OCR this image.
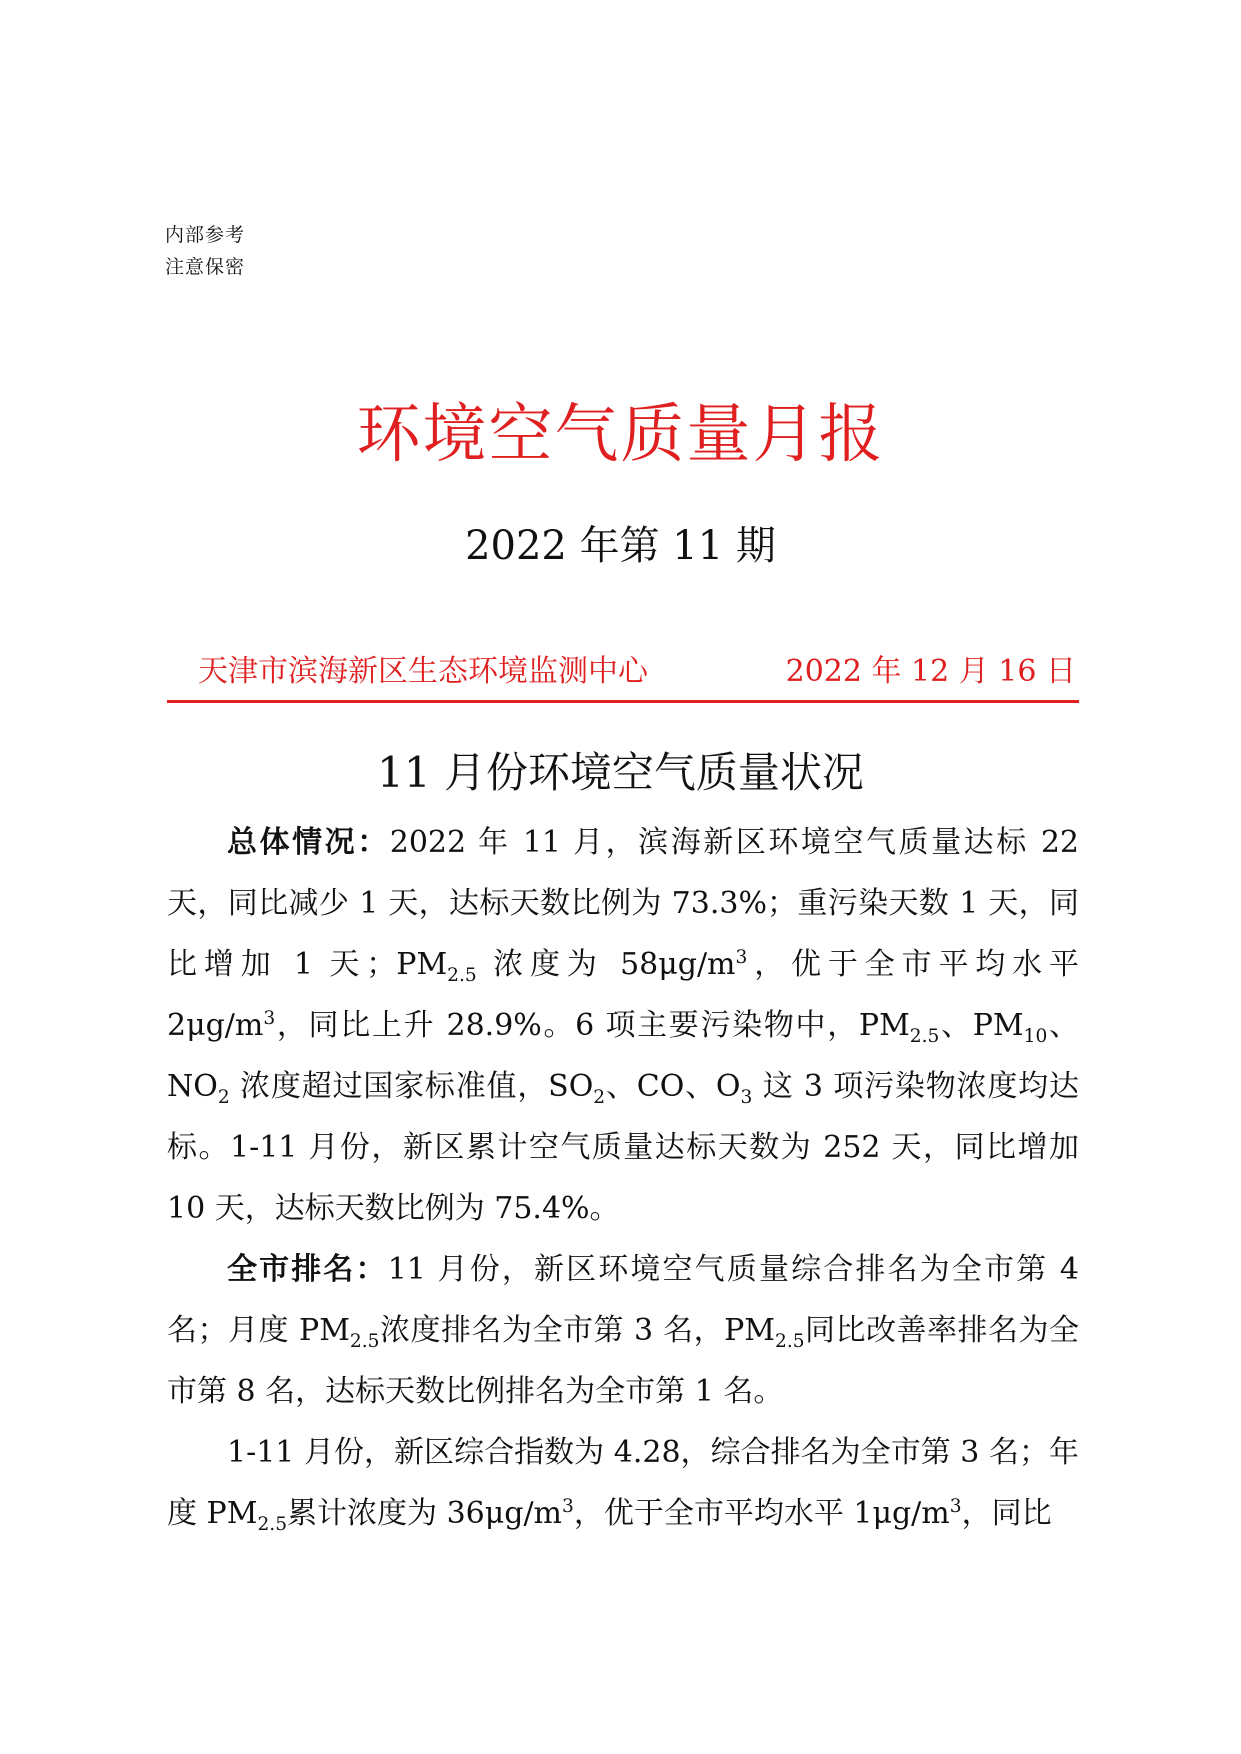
内部参考
注意保密
环境空气质量月报
2022 年第 11 期
天津市滨海新区生态环境监测中心	2022 年 12 月 16 日
11 月份环境空气质量状况

总体情况：2022 年 11 月，滨海新区环境空气质量达标 22 天，同比减少 1 天，达标天数比例为 73.3%；重污染天数 1 天，同比增加 1 天；$PM_{2.5}$ 浓度为 $58\mu g/m^3$，优于全市平均水平 $2\mu g/m^3$，同比上升 28.9%。6 项主要污染物中，$PM_{2.5}$、$PM_{10}$、$NO_2$ 浓度超过国家标准值，$SO_2$、CO、$O_3$ 这 3 项污染物浓度均达标。1-11 月份，新区累计空气质量达标天数为 252 天，同比增加 10 天，达标天数比例为 75.4%。

全市排名：11 月份，新区环境空气质量综合排名为全市第 4 名；月度 $PM_{2.5}$浓度排名为全市第 3 名，$PM_{2.5}$同比改善率排名为全市第 8 名，达标天数比例排名为全市第 1 名。

1-11 月份，新区综合指数为 4.28，综合排名为全市第 3 名；年度 $PM_{2.5}$累计浓度为 $36\mu g/m^3$，优于全市平均水平 $1\mu g/m^3$，同比
